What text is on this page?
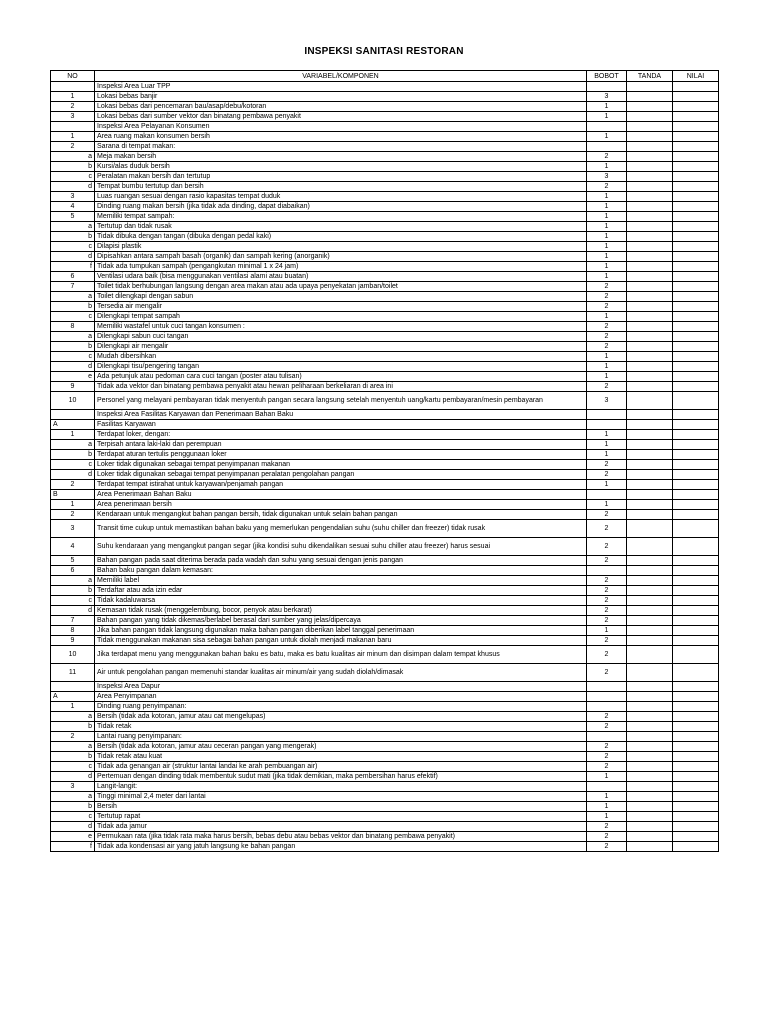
INSPEKSI SANITASI RESTORAN
NO	VARIABEL/KOMPONEN	BOBOT	TANDA	NILAI
	Inspeksi Area Luar TPP			
1	Lokasi bebas banjir	3		
2	Lokasi bebas dari pencemaran bau/asap/debu/kotoran	1		
3	Lokasi bebas dari sumber vektor dan binatang pembawa penyakit	1		
	Inspeksi Area Pelayanan Konsumen			
1	Area ruang makan konsumen bersih	1		
2	Sarana di tempat makan:			
a	Meja makan bersih	2		
b	Kursi/alas duduk bersih	1		
c	Peralatan makan bersih dan tertutup	3		
d	Tempat bumbu tertutup dan bersih	2		
3	Luas ruangan sesuai dengan rasio kapasitas tempat duduk	1		
4	Dinding ruang makan bersih (jika tidak ada dinding, dapat diabaikan)	1		
5	Memiliki tempat sampah:	1		
a	Tertutup dan tidak rusak	1		
b	Tidak dibuka dengan tangan (dibuka dengan pedal kaki)	1		
c	Dilapisi plastik	1		
d	Dipisahkan antara sampah basah (organik) dan sampah kering (anorganik)	1		
f	Tidak ada tumpukan sampah (pengangkutan minimal 1 x 24 jam)	1		
6	Ventilasi udara baik (bisa menggunakan ventilasi alami atau buatan)	1		
7	Toilet tidak berhubungan langsung dengan area makan atau ada upaya penyekatan jamban/toilet	2		
a	Toilet dilengkapi dengan sabun	2		
b	Tersedia air mengalir	2		
c	Dilengkapi tempat sampah	1		
8	Memiliki wastafel untuk cuci tangan konsumen :	2		
a	Dilengkapi sabun cuci tangan	2		
b	Dilengkapi air mengalir	2		
c	Mudah dibersihkan	1		
d	Dilengkapi tisu/pengering tangan	1		
e	Ada petunjuk atau pedoman cara cuci tangan (poster atau tulisan)	1		
9	Tidak ada vektor dan binatang pembawa penyakit atau hewan peliharaan berkeliaran di area ini	2		
10	Personel yang melayani pembayaran tidak menyentuh pangan secara langsung setelah menyentuh uang/kartu pembayaran/mesin pembayaran	3		
	Inspeksi Area Fasilitas Karyawan dan Penerimaan Bahan Baku			
A	Fasilitas Karyawan			
1	Terdapat loker, dengan:	1		
a	Terpisah antara laki-laki dan perempuan	1		
b	Terdapat aturan tertulis penggunaan loker	1		
c	Loker tidak digunakan sebagai tempat penyimpanan makanan	2		
d	Loker tidak digunakan sebagai tempat penyimpanan peralatan pengolahan pangan	2		
2	Terdapat tempat istirahat untuk karyawan/penjamah pangan	1		
B	Area Penerimaan Bahan Baku			
1	Area penerimaan bersih	1		
2	Kendaraan untuk mengangkut bahan pangan bersih, tidak digunakan untuk selain bahan pangan	2		
3	Transit time cukup untuk memastikan bahan baku yang memerlukan pengendalian suhu (suhu chiller dan freezer) tidak rusak	2		
4	Suhu kendaraan yang mengangkut pangan segar (jika kondisi suhu dikendalikan sesuai suhu chiller atau freezer) harus sesuai	2		
5	Bahan pangan pada saat diterima berada pada wadah dan suhu yang sesuai dengan jenis pangan	2		
6	Bahan baku pangan dalam kemasan:			
a	Memiliki label	2		
b	Terdaftar atau ada izin edar	2		
c	Tidak kadaluwarsa	2		
d	Kemasan tidak rusak (menggelembung, bocor, penyok atau berkarat)	2		
7	Bahan pangan yang tidak dikemas/berlabel berasal dari sumber yang jelas/dipercaya	2		
8	Jika bahan pangan tidak langsung digunakan maka bahan pangan diberikan label tanggal penerimaan	1		
9	Tidak menggunakan makanan sisa sebagai bahan pangan untuk diolah menjadi makanan baru	2		
10	Jika terdapat menu yang menggunakan bahan baku es batu, maka es batu kualitas air minum dan disimpan dalam tempat khusus	2		
11	Air untuk pengolahan pangan memenuhi standar kualitas air minum/air yang sudah diolah/dimasak	2		
	Inspeksi Area Dapur			
A	Area Penyimpanan			
1	Dinding ruang penyimpanan:			
a	Bersih (tidak ada kotoran, jamur atau cat mengelupas)	2		
b	Tidak retak	2		
2	Lantai ruang penyimpanan:			
a	Bersih (tidak ada kotoran, jamur atau ceceran pangan yang mengerak)	2		
b	Tidak retak atau kuat	2		
c	Tidak ada genangan air (struktur lantai landai ke arah pembuangan air)	2		
d	Pertemuan dengan dinding tidak membentuk sudut mati (jika tidak demikian, maka pembersihan harus efektif)	1		
3	Langit-langit:			
a	Tinggi minimal 2,4 meter dari lantai	1		
b	Bersih	1		
c	Tertutup rapat	1		
d	Tidak ada jamur	2		
e	Permukaan rata (jika tidak rata maka harus bersih, bebas debu atau bebas vektor dan binatang pembawa penyakit)	2		
f	Tidak ada kondensasi air yang jatuh langsung ke bahan pangan	2		
